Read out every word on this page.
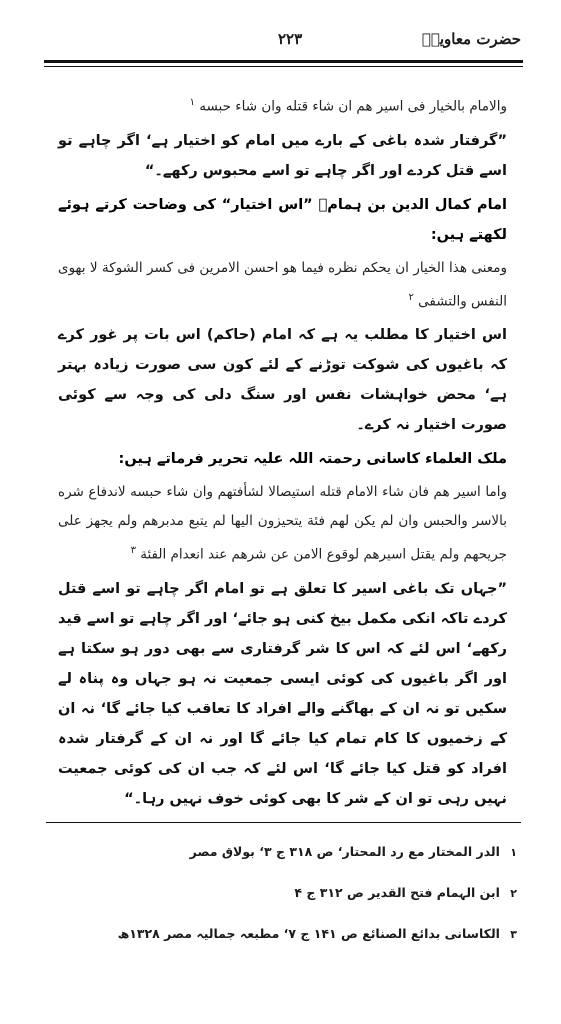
حضرت معاویہؓ
۲۲۳

والامام بالخیار فی اسیر هم ان شاء قتله وان شاء حبسه $^۱$

”گرفتار شدہ باغی کے بارے میں امام کو اختیار ہے‘ اگر چاہے تو اسے قتل کردے اور اگر چاہے تو اسے محبوس رکھے۔“

امام کمال الدین بن ہمامؒ ”اس اختیار“ کی وضاحت کرتے ہوئے لکھتے ہیں:

ومعنى هذا الخيار ان يحكم نظره فيما هو احسن الامرين فى كسر الشوكة لا بهوى النفس والتشفى $^۲$

اس اختیار کا مطلب یہ ہے کہ امام (حاکم) اس بات پر غور کرے کہ باغیوں کی شوکت توڑنے کے لئے کون سی صورت زیادہ بہتر ہے‘ محض خواہشات نفس اور سنگ دلی کی وجہ سے کوئی صورت اختیار نہ کرے۔

ملک العلماء کاسانی رحمتہ اللہ علیہ تحریر فرماتے ہیں:

واما اسير هم فان شاء الامام قتله استيصالا لشأفتهم وان شاء حبسه لاندفاع شره بالاسر والحبس وان لم يكن لهم فئة يتحيزون اليها لم يتبع مدبرهم ولم يجهز على جريحهم ولم يقتل اسيرهم لوقوع الامن عن شرهم عند انعدام الفئة $^۳$

”جہاں تک باغی اسیر کا تعلق ہے تو امام اگر چاہے تو اسے قتل کردے تاکہ انکی مکمل بیخ کنی ہو جائے‘ اور اگر چاہے تو اسے قید رکھے‘ اس لئے کہ اس کا شر گرفتاری سے بھی دور ہو سکتا ہے اور اگر باغیوں کی کوئی ایسی جمعیت نہ ہو جہاں وہ پناہ لے سکیں تو نہ ان کے بھاگنے والے افراد کا تعاقب کیا جائے گا‘ نہ ان کے زخمیوں کا کام تمام کیا جائے گا اور نہ ان کے گرفتار شدہ افراد کو قتل کیا جائے گا‘ اس لئے کہ جب ان کی کوئی جمعیت نہیں رہی تو ان کے شر کا بھی کوئی خوف نہیں رہا۔“

۱ الدر المختار مع رد المحتار‘ ص ۳۱۸ ج ۳‘ بولاق مصر
۲ ابن الہمام فتح القدیر ص ۳۱۲ ج ۴
۳ الکاسانی بدائع الصنائع ص ۱۴۱ ج ۷‘ مطبعہ جمالیہ مصر ۱۳۲۸ھ
